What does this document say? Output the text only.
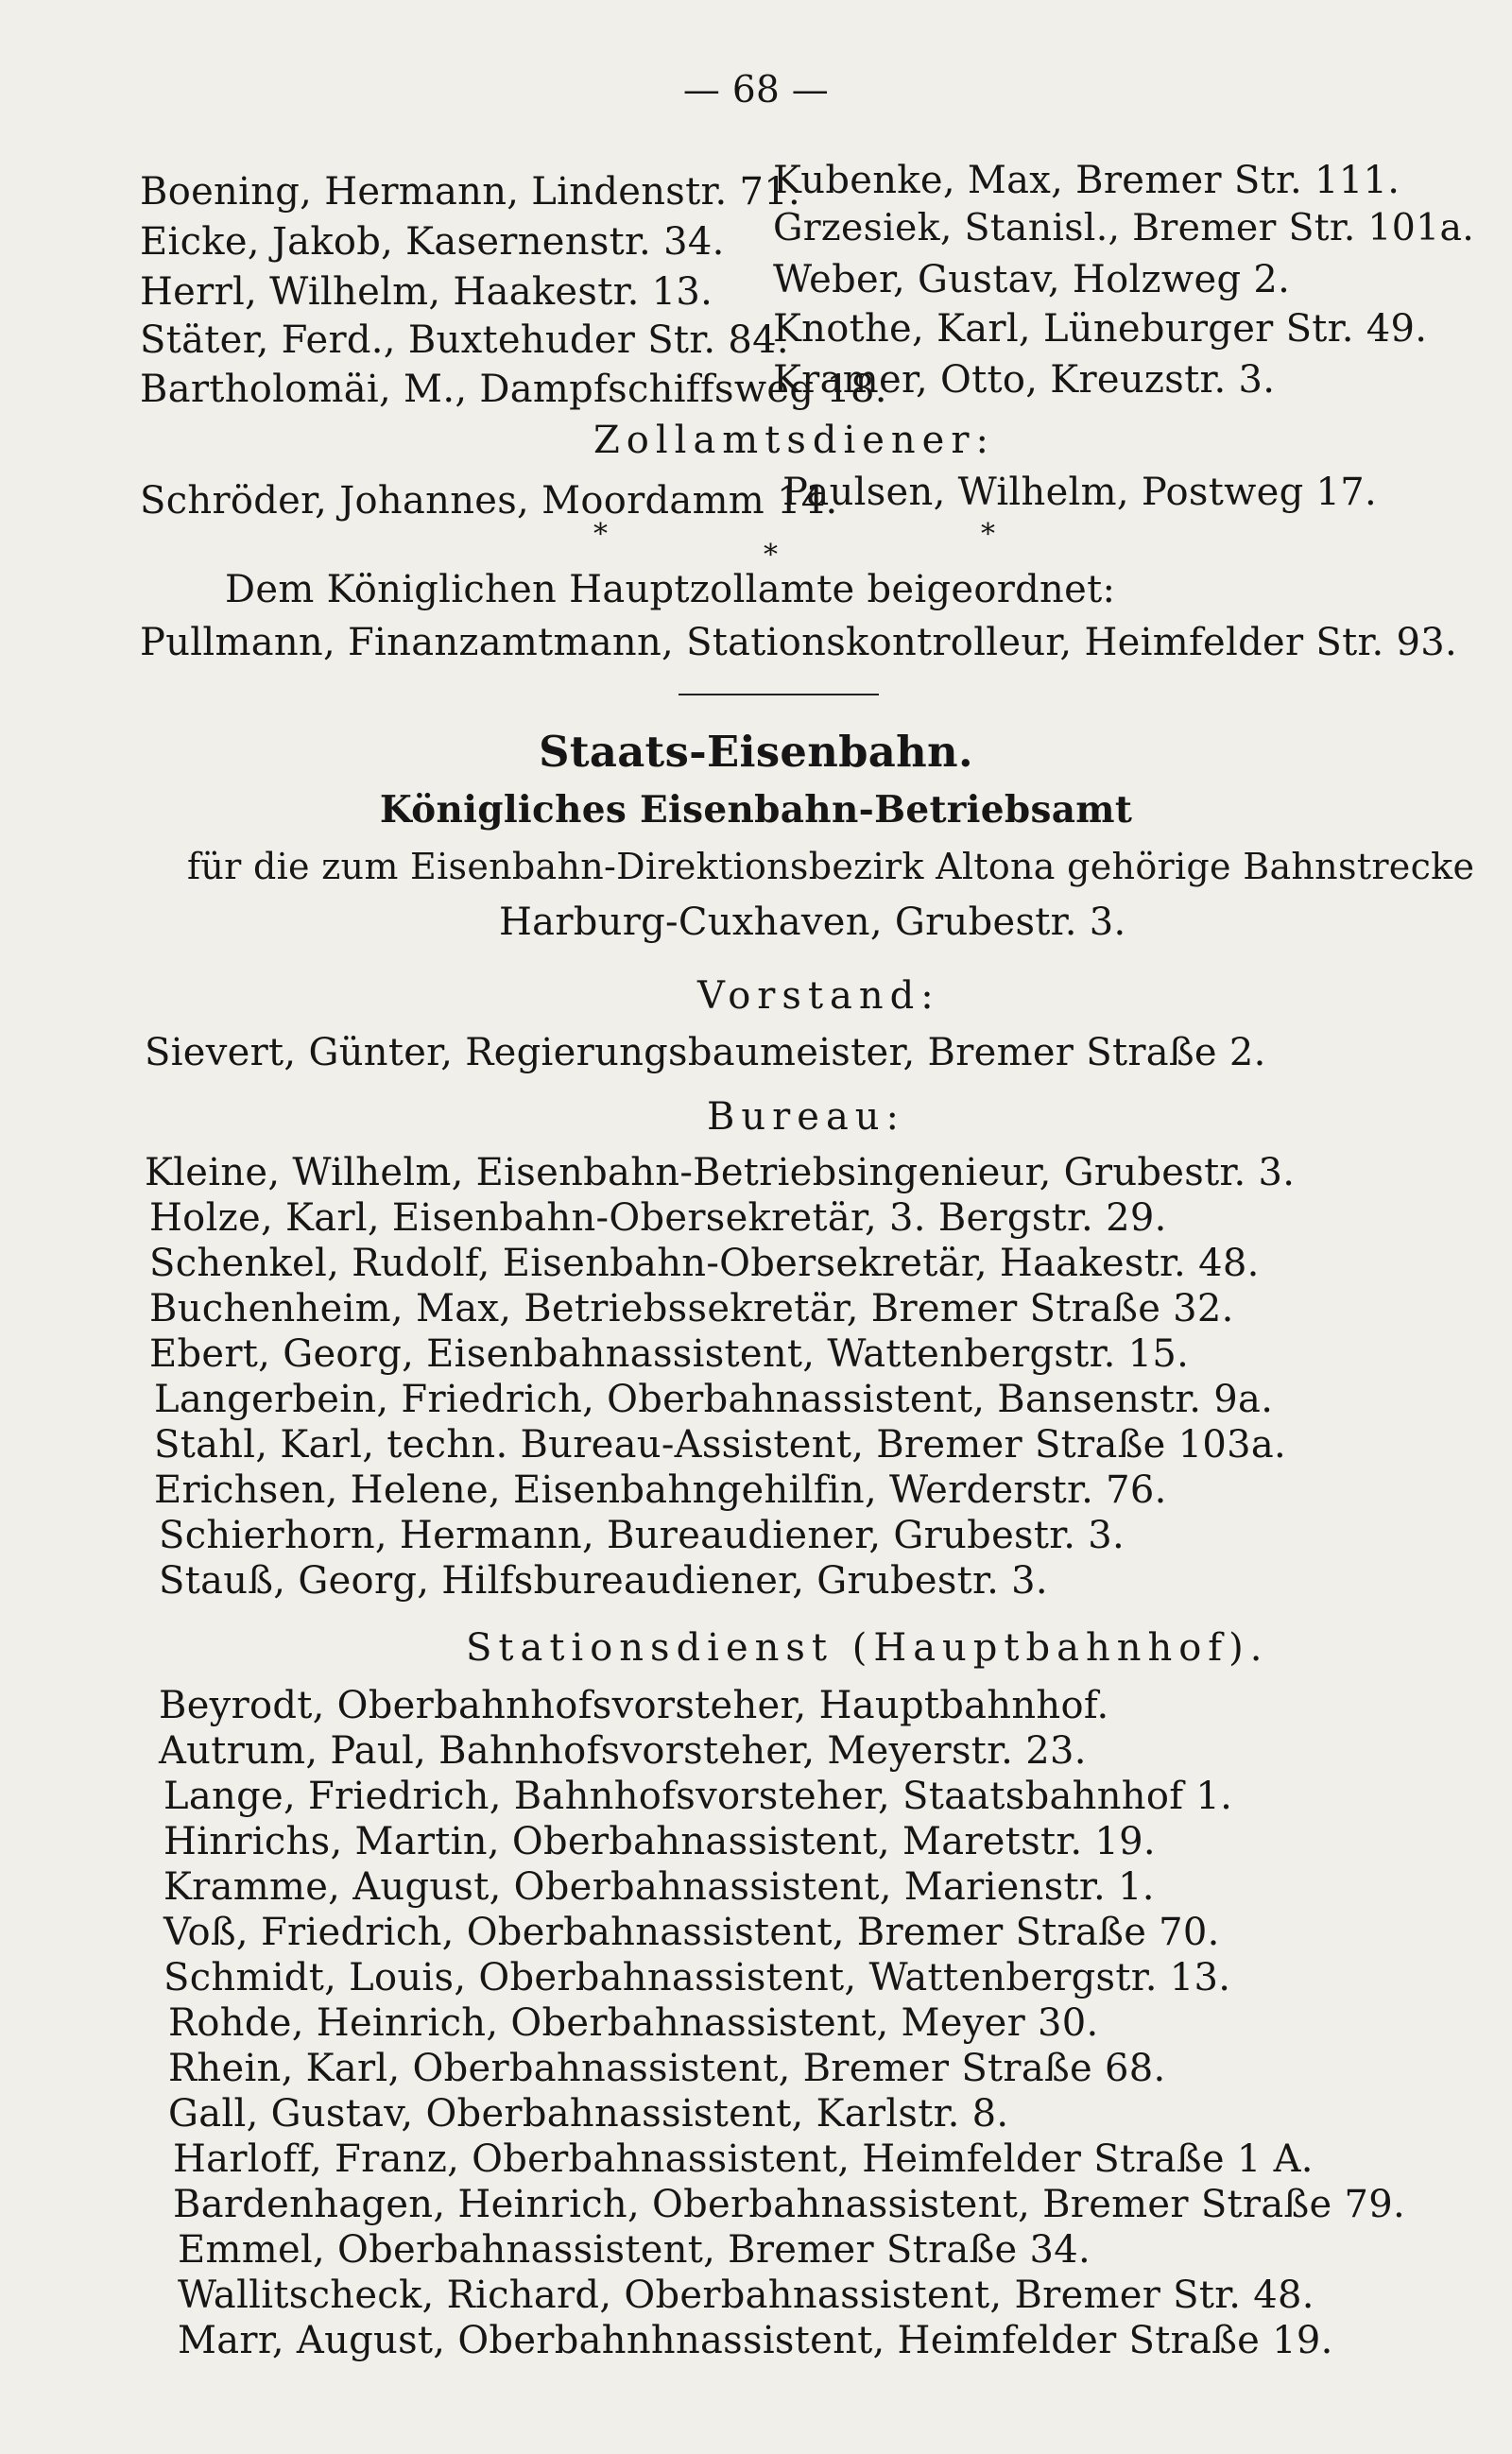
— 68 —
Boening, Hermann, Lindenstr. 71.
Kubenke, Max, Bremer Str. 111.
Eicke, Jakob, Kasernenstr. 34. Grzesiek, Stanisl., Bremer Str. 101a.
Herrl, Wilhelm, Haakestr. 13. Weber, Gustav, Holzweg 2.
Stäter, Ferd., Buxtehuder Str. 84.
Knothe, Karl, Lüneburger Str. 49.
Bartholomäi, M., Dampfschiffsweg 18.
Kramer, Otto, Kreuzstr. 3.
Zollamtsdiener:
Schröder, Johannes, Moordamm 14.
Paulsen, Wilhelm, Postweg 17.
*
*
*
Dem Königlichen Hauptzollamte beigeordnet:
Pullmann, Finanzamtmann, Stationskontrolleur, Heimfelder Str. 93.
Staats-Eisenbahn.
Königliches Eisenbahn-Betriebsamt
für die zum Eisenbahn-Direktionsbezirk Altona gehörige Bahnstrecke
Harburg-Cuxhaven, Grubestr. 3.
Vorstand:
Sievert, Günter, Regierungsbaumeister, Bremer Straße 2.
Bureau:
Kleine, Wilhelm, Eisenbahn-Betriebsingenieur, Grubestr. 3.
Holze, Karl, Eisenbahn-Obersekretär, 3. Bergstr. 29.
Schenkel, Rudolf, Eisenbahn-Obersekretär, Haakestr. 48.
Buchenheim, Max, Betriebssekretär, Bremer Straße 32.
Ebert, Georg, Eisenbahnassistent, Wattenbergstr. 15.
Langerbein, Friedrich, Oberbahnassistent, Bansenstr. 9a.
Stahl, Karl, techn. Bureau-Assistent, Bremer Straße 103a.
Erichsen, Helene, Eisenbahngehilfin, Werderstr. 76.
Schierhorn, Hermann, Bureaudiener, Grubestr. 3.
Stauß, Georg, Hilfsbureaudiener, Grubestr. 3.
Stationsdienst (Hauptbahnhof).
Beyrodt, Oberbahnhofsvorsteher, Hauptbahnhof.
Autrum, Paul, Bahnhofsvorsteher, Meyerstr. 23.
Lange, Friedrich, Bahnhofsvorsteher, Staatsbahnhof 1.
Hinrichs, Martin, Oberbahnassistent, Maretstr. 19.
Kramme, August, Oberbahnassistent, Marienstr. 1.
Voß, Friedrich, Oberbahnassistent, Bremer Straße 70.
Schmidt, Louis, Oberbahnassistent, Wattenbergstr. 13.
Rohde, Heinrich, Oberbahnassistent, Meyer 30.
Rhein, Karl, Oberbahnassistent, Bremer Straße 68.
Gall, Gustav, Oberbahnassistent, Karlstr. 8.
Harloff, Franz, Oberbahnassistent, Heimfelder Straße 1 A.
Bardenhagen, Heinrich, Oberbahnassistent, Bremer Straße 79.
Emmel, Oberbahnassistent, Bremer Straße 34.
Wallitscheck, Richard, Oberbahnassistent, Bremer Str. 48.
Marr, August, Oberbahnhnassistent, Heimfelder Straße 19.
